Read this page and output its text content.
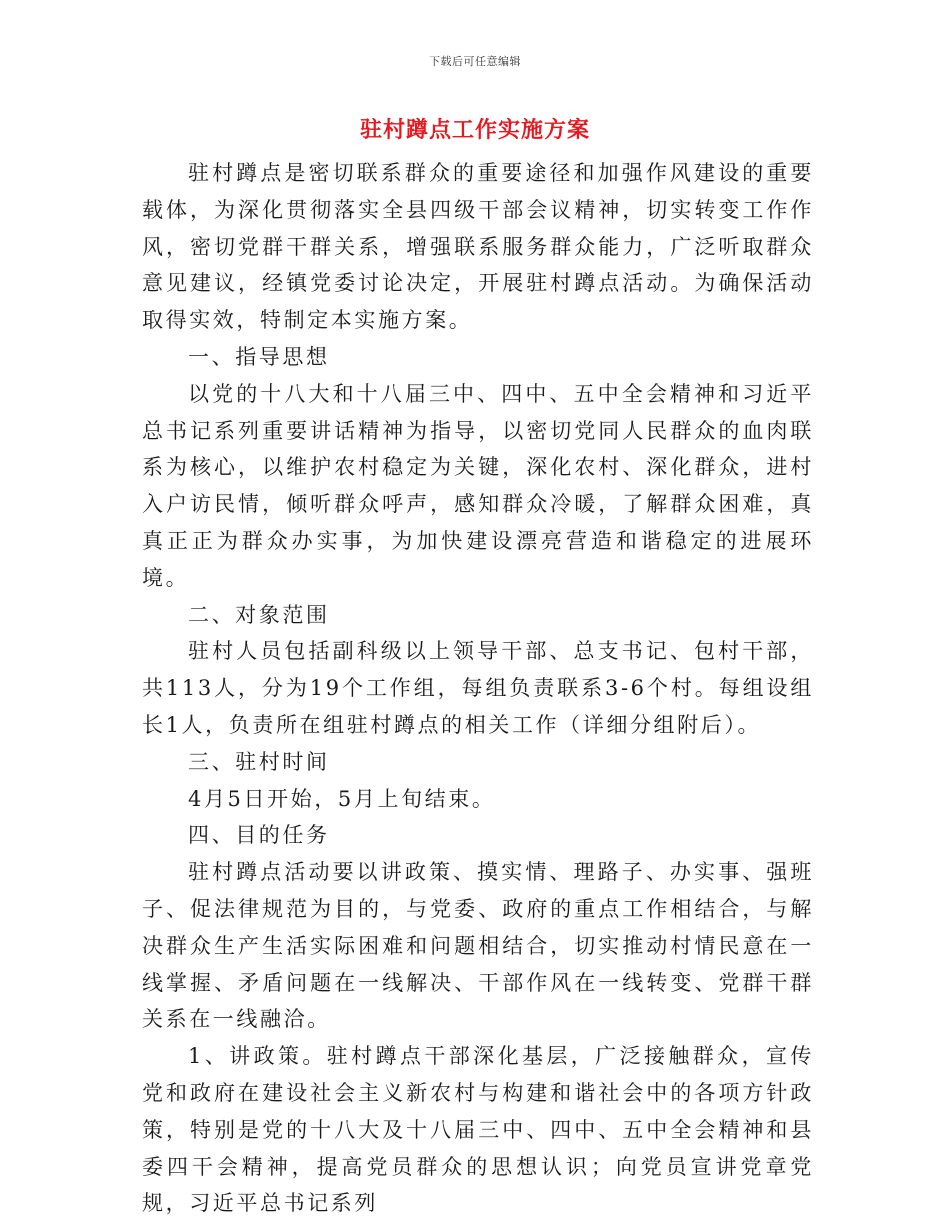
下载后可任意编辑
驻村蹲点工作实施方案

驻村蹲点是密切联系群众的重要途径和加强作风建设的重要载体，为深化贯彻落实全县四级干部会议精神，切实转变工作作风，密切党群干群关系，增强联系服务群众能力，广泛听取群众意见建议，经镇党委讨论决定，开展驻村蹲点活动。为确保活动取得实效，特制定本实施方案。

一、指导思想

以党的十八大和十八届三中、四中、五中全会精神和习近平总书记系列重要讲话精神为指导，以密切党同人民群众的血肉联系为核心，以维护农村稳定为关键，深化农村、深化群众，进村入户访民情，倾听群众呼声，感知群众冷暖，了解群众困难，真真正正为群众办实事，为加快建设漂亮营造和谐稳定的进展环境。

二、对象范围

驻村人员包括副科级以上领导干部、总支书记、包村干部，共113人，分为19个工作组，每组负责联系3-6个村。每组设组长1人，负责所在组驻村蹲点的相关工作（详细分组附后）。

三、驻村时间

4月5日开始，5月上旬结束。

四、目的任务

驻村蹲点活动要以讲政策、摸实情、理路子、办实事、强班子、促法律规范为目的，与党委、政府的重点工作相结合，与解决群众生产生活实际困难和问题相结合，切实推动村情民意在一线掌握、矛盾问题在一线解决、干部作风在一线转变、党群干群关系在一线融洽。

1、讲政策。驻村蹲点干部深化基层，广泛接触群众，宣传党和政府在建设社会主义新农村与构建和谐社会中的各项方针政策，特别是党的十八大及十八届三中、四中、五中全会精神和县委四干会精神，提高党员群众的思想认识；向党员宣讲党章党规，习近平总书记系列
